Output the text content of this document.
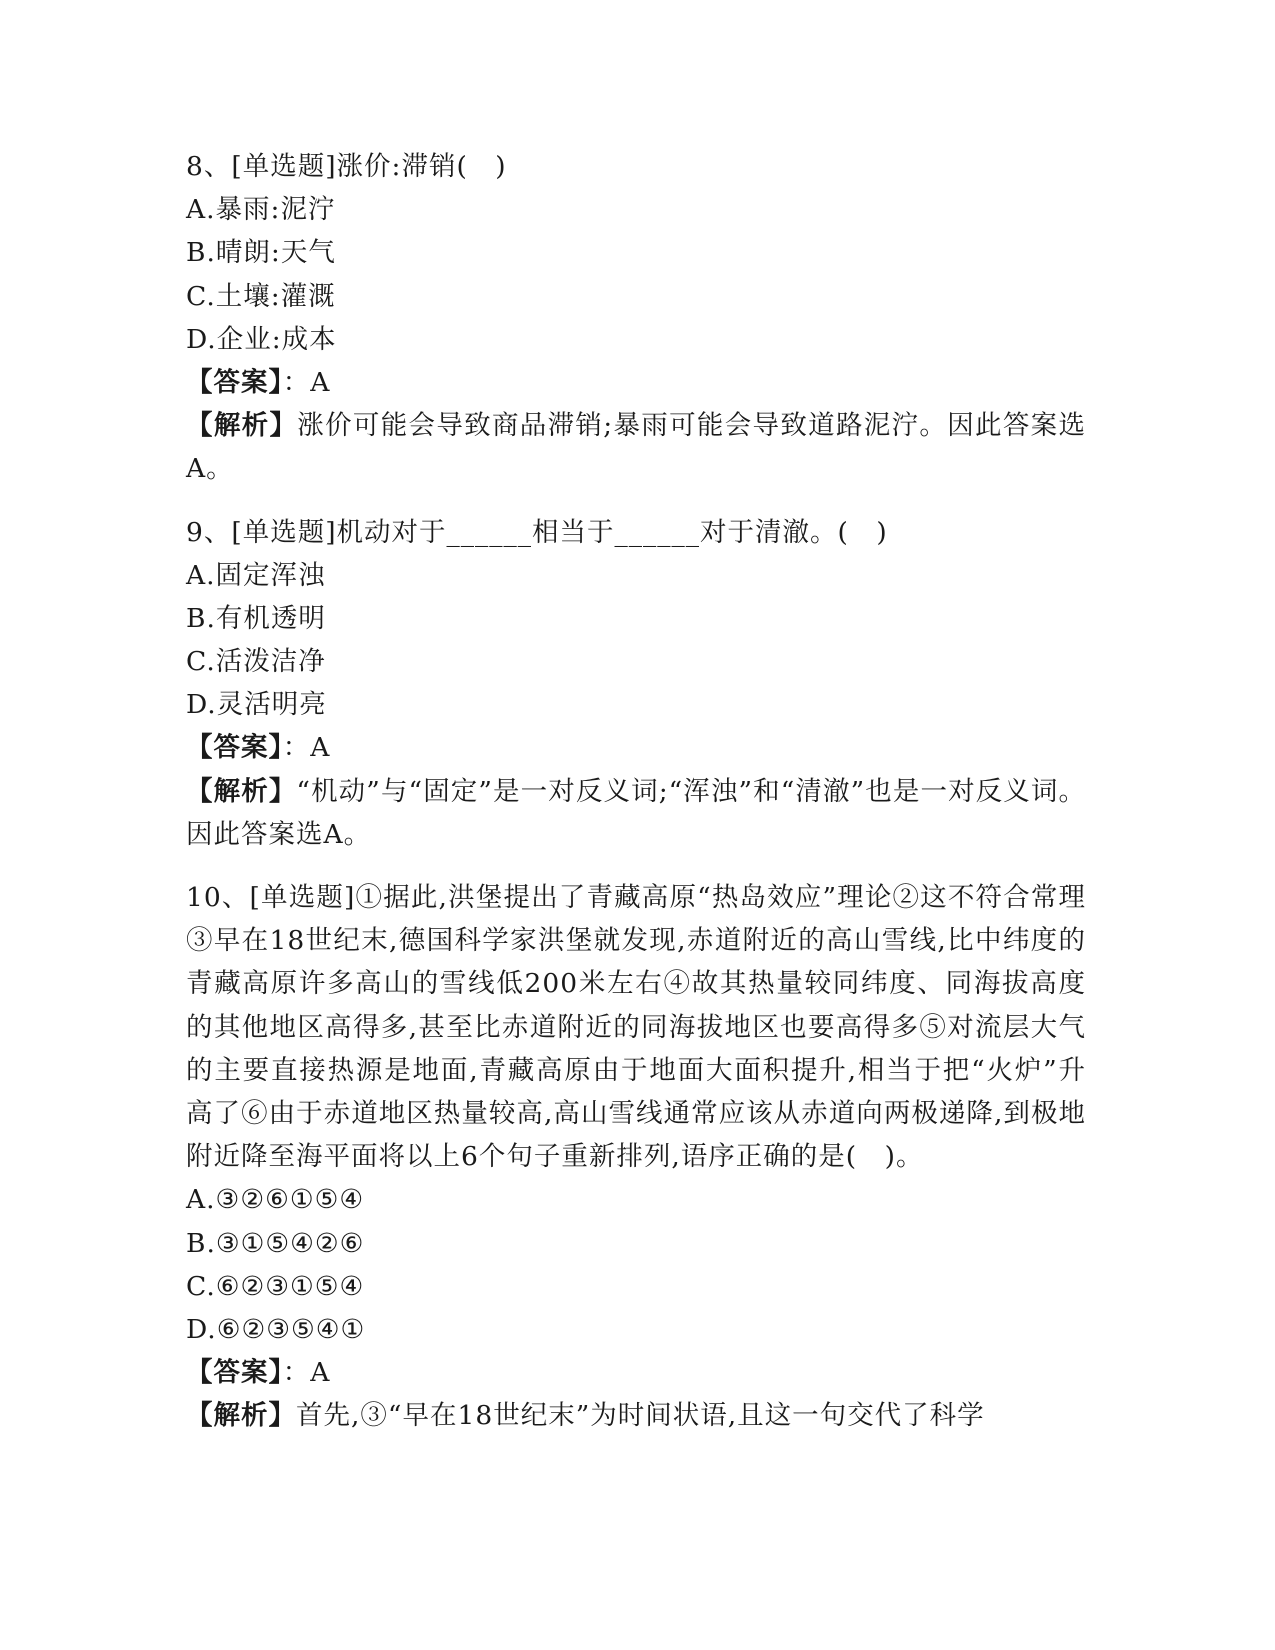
8、[单选题]涨价:滞销(　)
A.暴雨:泥泞
B.晴朗:天气
C.土壤:灌溉
D.企业:成本
【答案】：A
【解析】涨价可能会导致商品滞销;暴雨可能会导致道路泥泞。因此答案选A。
9、[单选题]机动对于______相当于______对于清澈。(　)
A.固定浑浊
B.有机透明
C.活泼洁净
D.灵活明亮
【答案】：A
【解析】“机动”与“固定”是一对反义词;“浑浊”和“清澈”也是一对反义词。因此答案选A。
10、[单选题]①据此,洪堡提出了青藏高原“热岛效应”理论②这不符合常理③早在18世纪末,德国科学家洪堡就发现,赤道附近的高山雪线,比中纬度的青藏高原许多高山的雪线低200米左右④故其热量较同纬度、同海拔高度的其他地区高得多,甚至比赤道附近的同海拔地区也要高得多⑤对流层大气的主要直接热源是地面,青藏高原由于地面大面积提升,相当于把“火炉”升高了⑥由于赤道地区热量较高,高山雪线通常应该从赤道向两极递降,到极地附近降至海平面将以上6个句子重新排列,语序正确的是(　)。
A.③②⑥①⑤④
B.③①⑤④②⑥
C.⑥②③①⑤④
D.⑥②③⑤④①
【答案】：A
【解析】首先,③“早在18世纪末”为时间状语,且这一句交代了科学
